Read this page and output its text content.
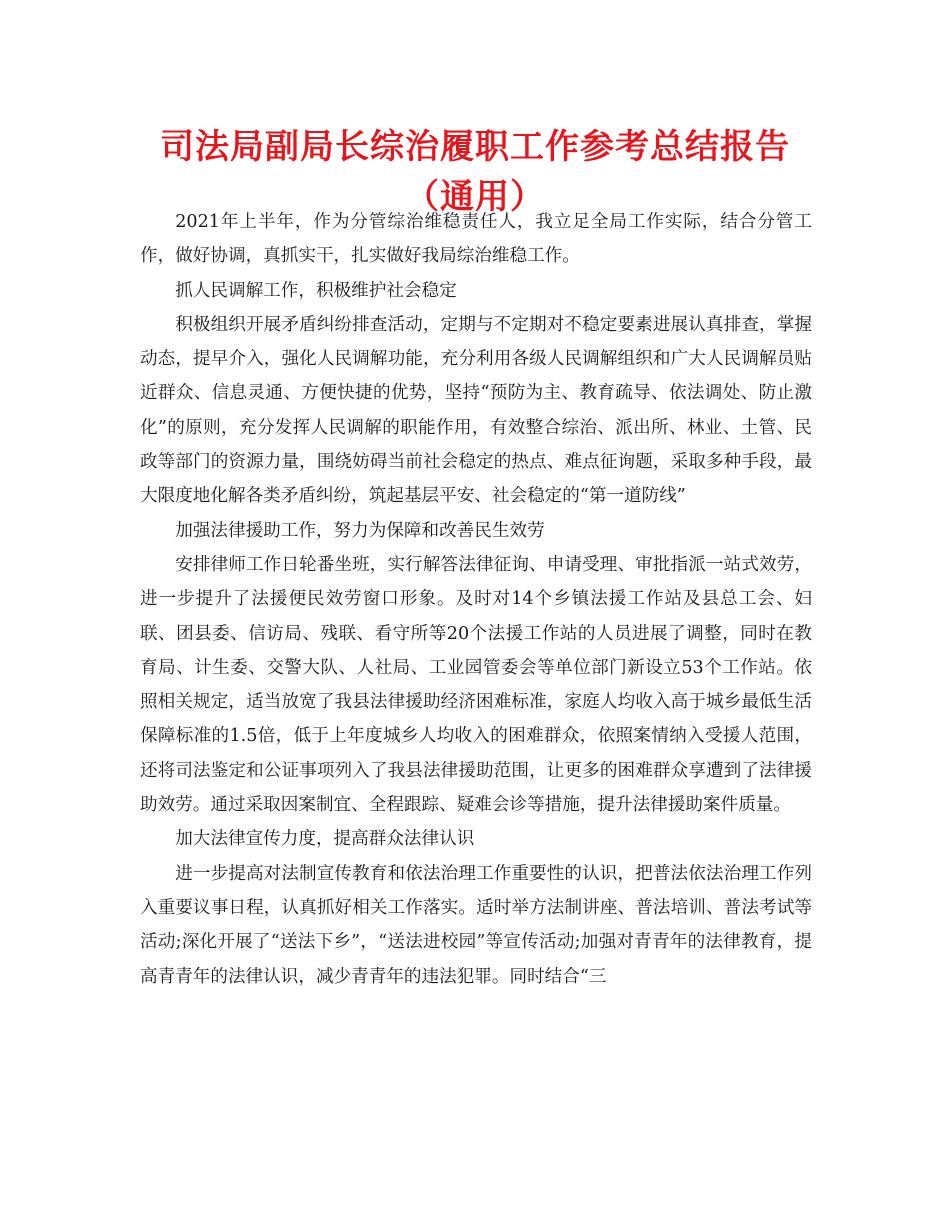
司法局副局长综治履职工作参考总结报告（通用）

2021年上半年，作为分管综治维稳责任人，我立足全局工作实际，结合分管工作，做好协调，真抓实干，扎实做好我局综治维稳工作。

抓人民调解工作，积极维护社会稳定

积极组织开展矛盾纠纷排查活动，定期与不定期对不稳定要素进展认真排查，掌握动态，提早介入，强化人民调解功能，充分利用各级人民调解组织和广大人民调解员贴近群众、信息灵通、方便快捷的优势，坚持“预防为主、教育疏导、依法调处、防止激化”的原则，充分发挥人民调解的职能作用，有效整合综治、派出所、林业、土管、民政等部门的资源力量，围绕妨碍当前社会稳定的热点、难点征询题，采取多种手段，最大限度地化解各类矛盾纠纷，筑起基层平安、社会稳定的“第一道防线”

加强法律援助工作，努力为保障和改善民生效劳

安排律师工作日轮番坐班，实行解答法律征询、申请受理、审批指派一站式效劳，进一步提升了法援便民效劳窗口形象。及时对14个乡镇法援工作站及县总工会、妇联、团县委、信访局、残联、看守所等20个法援工作站的人员进展了调整，同时在教育局、计生委、交警大队、人社局、工业园管委会等单位部门新设立53个工作站。依照相关规定，适当放宽了我县法律援助经济困难标准，家庭人均收入高于城乡最低生活保障标准的1.5倍，低于上年度城乡人均收入的困难群众，依照案情纳入受援人范围，还将司法鉴定和公证事项列入了我县法律援助范围，让更多的困难群众享遭到了法律援助效劳。通过采取因案制宜、全程跟踪、疑难会诊等措施，提升法律援助案件质量。

加大法律宣传力度，提高群众法律认识

进一步提高对法制宣传教育和依法治理工作重要性的认识，把普法依法治理工作列入重要议事日程，认真抓好相关工作落实。适时举方法制讲座、普法培训、普法考试等活动;深化开展了“送法下乡”，“送法进校园”等宣传活动;加强对青青年的法律教育，提高青青年的法律认识，减少青青年的违法犯罪。同时结合“三
